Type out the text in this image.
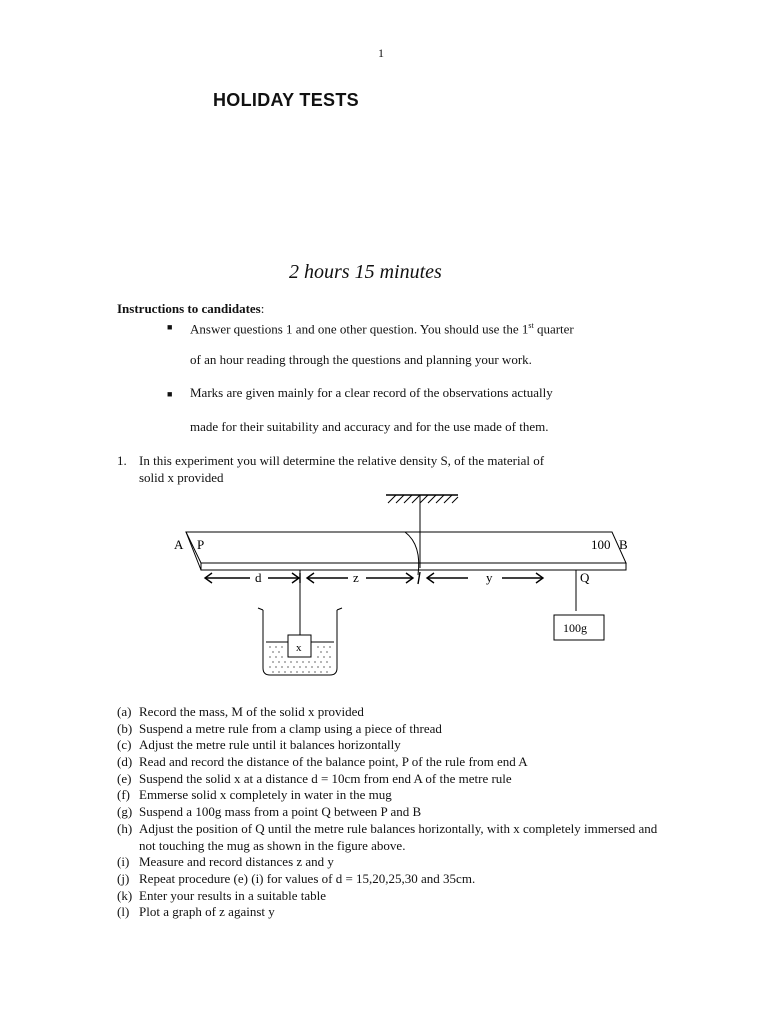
1
HOLIDAY TESTS
2 hours 15 minutes
Instructions to candidates:
■ Answer questions 1 and one other question. You should use the 1st quarter
of an hour reading through the questions and planning your work.
■ Marks are given mainly for a clear record of the observations actually
made for their suitability and accuracy and for the use made of them.
1. In this experiment you will determine the relative density S, of the material of
solid x provided
A P	100 B
d	z	y	Q
x
100g
(a) Record the mass, M of the solid x provided
(b) Suspend a metre rule from a clamp using a piece of thread
(c) Adjust the metre rule until it balances horizontally
(d) Read and record the distance of the balance point, P of the rule from end A
(e) Suspend the solid x at a distance d = 10cm from end A of the metre rule
(f) Emmerse solid x completely in water in the mug
(g) Suspend a 100g mass from a point Q between P and B
(h) Adjust the position of Q until the metre rule balances horizontally, with x completely immersed and not touching the mug as shown in the figure above.
(i) Measure and record distances z and y
(j) Repeat procedure (e) (i) for values of d = 15,20,25,30 and 35cm.
(k) Enter your results in a suitable table
(l) Plot a graph of z against y
